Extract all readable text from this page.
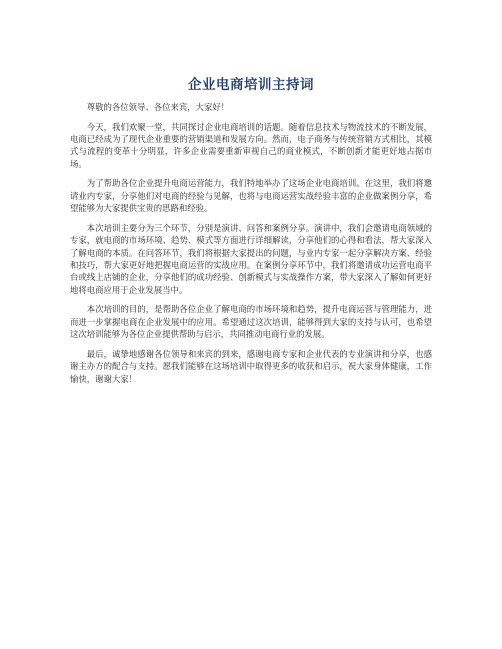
企业电商培训主持词

尊敬的各位领导、各位来宾，大家好！

今天，我们欢聚一堂，共同探讨企业电商培训的话题。随着信息技术与物流技术的不断发展，电商已经成为了现代企业重要的营销渠道和发展方向。然而，电子商务与传统营销方式相比，其模式与流程的变革十分明显，许多企业需要重新审视自己的商业模式，不断创新才能更好地占据市场。

为了帮助各位企业提升电商运营能力，我们特地举办了这场企业电商培训。在这里，我们将邀请业内专家，分享他们对电商的经验与见解，也将与电商运营实战经验丰富的企业做案例分享，希望能够为大家提供宝贵的思路和经验。

本次培训主要分为三个环节，分别是演讲、问答和案例分享。演讲中，我们会邀请电商领域的专家，就电商的市场环境、趋势、模式等方面进行详细解读，分享他们的心得和看法，帮大家深入了解电商的本质。在问答环节，我们将根据大家提出的问题，与业内专家一起分享解决方案、经验和技巧，帮大家更好地把握电商运营的实战应用。在案例分享环节中，我们将邀请成功运营电商平台或线上店铺的企业，分享他们的成功经验、创新模式与实战操作方案，带大家深入了解如何更好地将电商应用于企业发展当中。

本次培训的目的，是帮助各位企业了解电商的市场环境和趋势，提升电商运营与管理能力，进而进一步掌握电商在企业发展中的应用。希望通过这次培训，能够得到大家的支持与认可，也希望这次培训能够为各位企业提供帮助与启示，共同推动电商行业的发展。

最后，诚挚地感谢各位领导和来宾的到来，感谢电商专家和企业代表的专业演讲和分享，也感谢主办方的配合与支持。愿我们能够在这场培训中取得更多的收获和启示，祝大家身体健康，工作愉快，谢谢大家！
